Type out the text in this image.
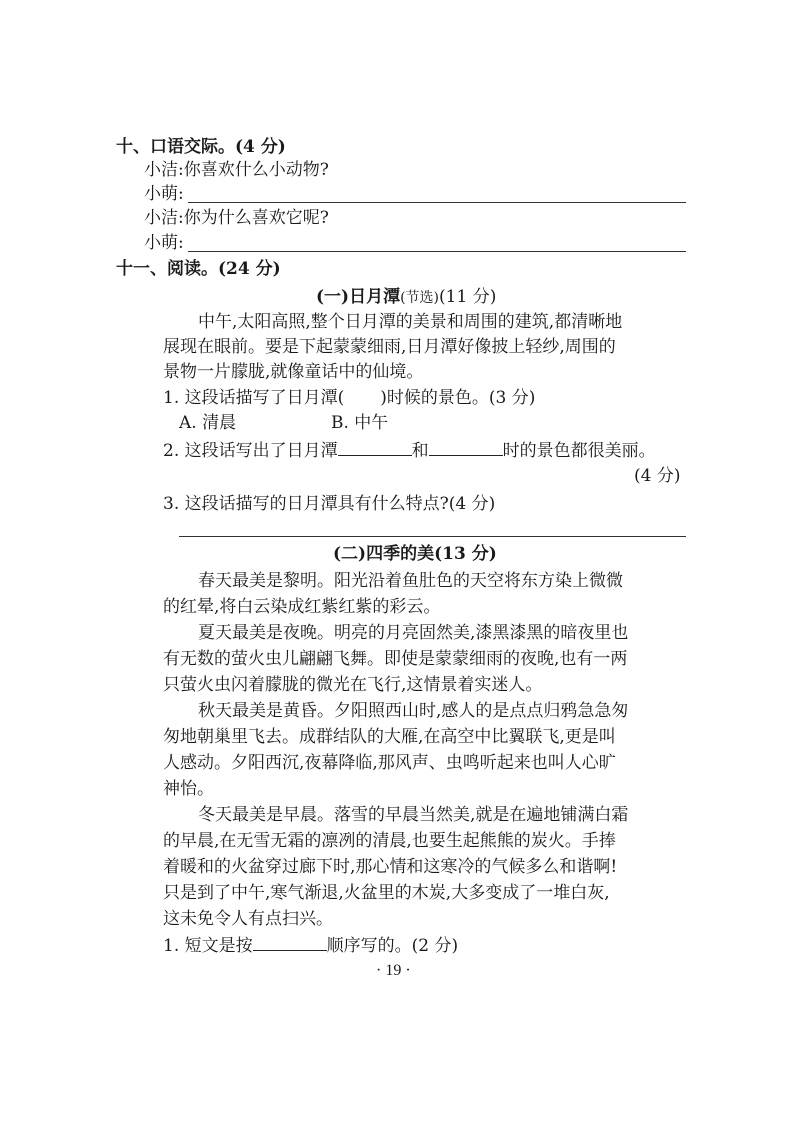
十、口语交际。(4 分)
小洁:你喜欢什么小动物?
小萌:
小洁:你为什么喜欢它呢?
小萌:
十一、阅读。(24 分)
(一)日月潭(节选)(11 分)
中午,太阳高照,整个日月潭的美景和周围的建筑,都清晰地
展现在眼前。要是下起蒙蒙细雨,日月潭好像披上轻纱,周围的
景物一片朦胧,就像童话中的仙境。
1. 这段话描写了日月潭( )时候的景色。(3 分)
A. 清晨	B. 中午
2. 这段话写出了日月潭	和	时的景色都很美丽。
(4 分)
3. 这段话描写的日月潭具有什么特点?(4 分)
(二)四季的美(13 分)
春天最美是黎明。阳光沿着鱼肚色的天空将东方染上微微
的红晕,将白云染成红紫红紫的彩云。
夏天最美是夜晚。明亮的月亮固然美,漆黑漆黑的暗夜里也
有无数的萤火虫儿翩翩飞舞。即使是蒙蒙细雨的夜晚,也有一两
只萤火虫闪着朦胧的微光在飞行,这情景着实迷人。
秋天最美是黄昏。夕阳照西山时,感人的是点点归鸦急急匆
匆地朝巢里飞去。成群结队的大雁,在高空中比翼联飞,更是叫
人感动。夕阳西沉,夜幕降临,那风声、虫鸣听起来也叫人心旷
神怡。
冬天最美是早晨。落雪的早晨当然美,就是在遍地铺满白霜
的早晨,在无雪无霜的凛冽的清晨,也要生起熊熊的炭火。手捧
着暖和的火盆穿过廊下时,那心情和这寒冷的气候多么和谐啊!
只是到了中午,寒气渐退,火盆里的木炭,大多变成了一堆白灰,
这未免令人有点扫兴。
1. 短文是按	顺序写的。(2 分)
· 19 ·
